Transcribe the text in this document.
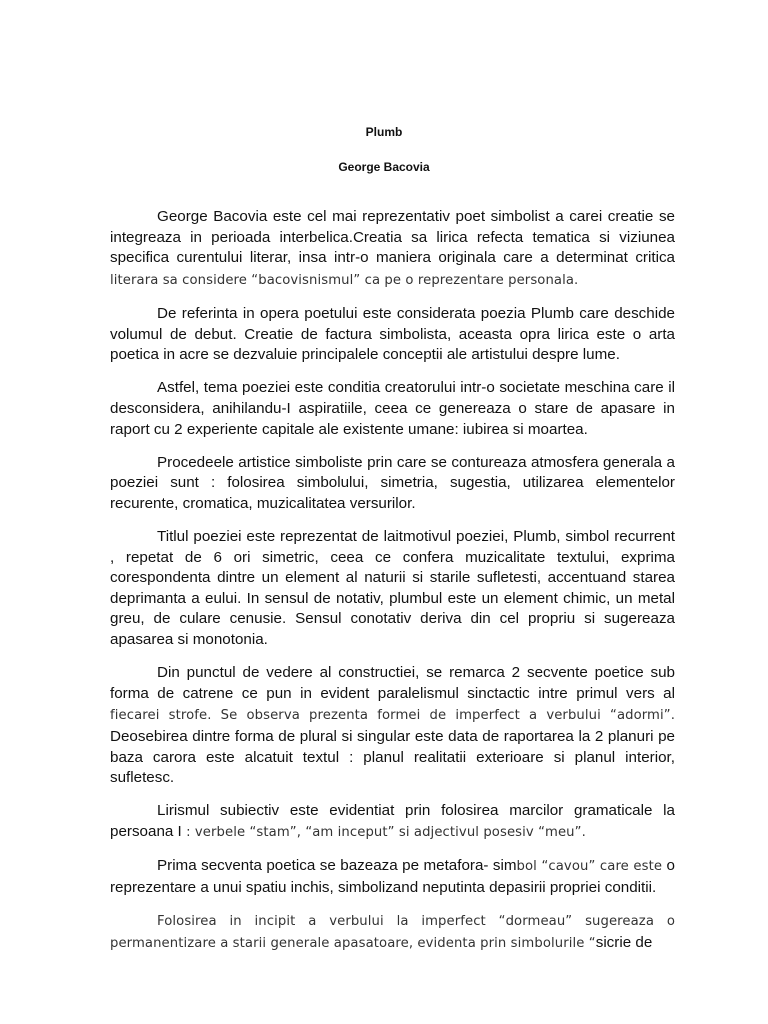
Plumb
George Bacovia

George Bacovia este cel mai reprezentativ poet simbolist a carei creatie se integreaza in perioada interbelica.Creatia sa lirica refecta tematica si viziunea specifica curentului literar, insa intr-o maniera originala care a determinat critica literara sa considere “bacovisnismul” ca pe o reprezentare personala.

De referinta in opera poetului este considerata poezia Plumb care deschide volumul de debut. Creatie de factura simbolista, aceasta opra lirica este o arta poetica in acre se dezvaluie principalele conceptii ale artistului despre lume.

Astfel, tema poeziei este conditia creatorului intr-o societate meschina care il desconsidera, anihilandu-I aspiratiile, ceea ce genereaza o stare de apasare in raport cu 2 experiente capitale ale existente umane: iubirea si moartea.

Procedeele artistice simboliste prin care se contureaza atmosfera generala a poeziei sunt : folosirea simbolului, simetria, sugestia, utilizarea elementelor recurente, cromatica, muzicalitatea versurilor.

Titlul poeziei este reprezentat de laitmotivul poeziei, Plumb, simbol recurrent , repetat de 6 ori simetric, ceea ce confera muzicalitate textului, exprima corespondenta dintre un element al naturii si starile sufletesti, accentuand starea deprimanta a eului. In sensul de notativ, plumbul este un element chimic, un metal greu, de culare cenusie. Sensul conotativ deriva din cel propriu si sugereaza apasarea si monotonia.

Din punctul de vedere al constructiei, se remarca 2 secvente poetice sub forma de catrene ce pun in evident paralelismul sinctactic intre primul vers al fiecarei strofe. Se observa prezenta formei de imperfect a verbului “adormi”. Deosebirea dintre forma de plural si singular este data de raportarea la 2 planuri pe baza carora este alcatuit textul : planul realitatii exterioare si planul interior, sufletesc.

Lirismul subiectiv este evidentiat prin folosirea marcilor gramaticale la persoana I : verbele “stam”, “am inceput” si adjectivul posesiv “meu”.

Prima secventa poetica se bazeaza pe metafora- simbol “cavou” care este o reprezentare a unui spatiu inchis, simbolizand neputinta depasirii propriei conditii.

Folosirea in incipit a verbului la imperfect “dormeau” sugereaza o permanentizare a starii generale apasatoare, evidenta prin simbolurile “sicrie de
